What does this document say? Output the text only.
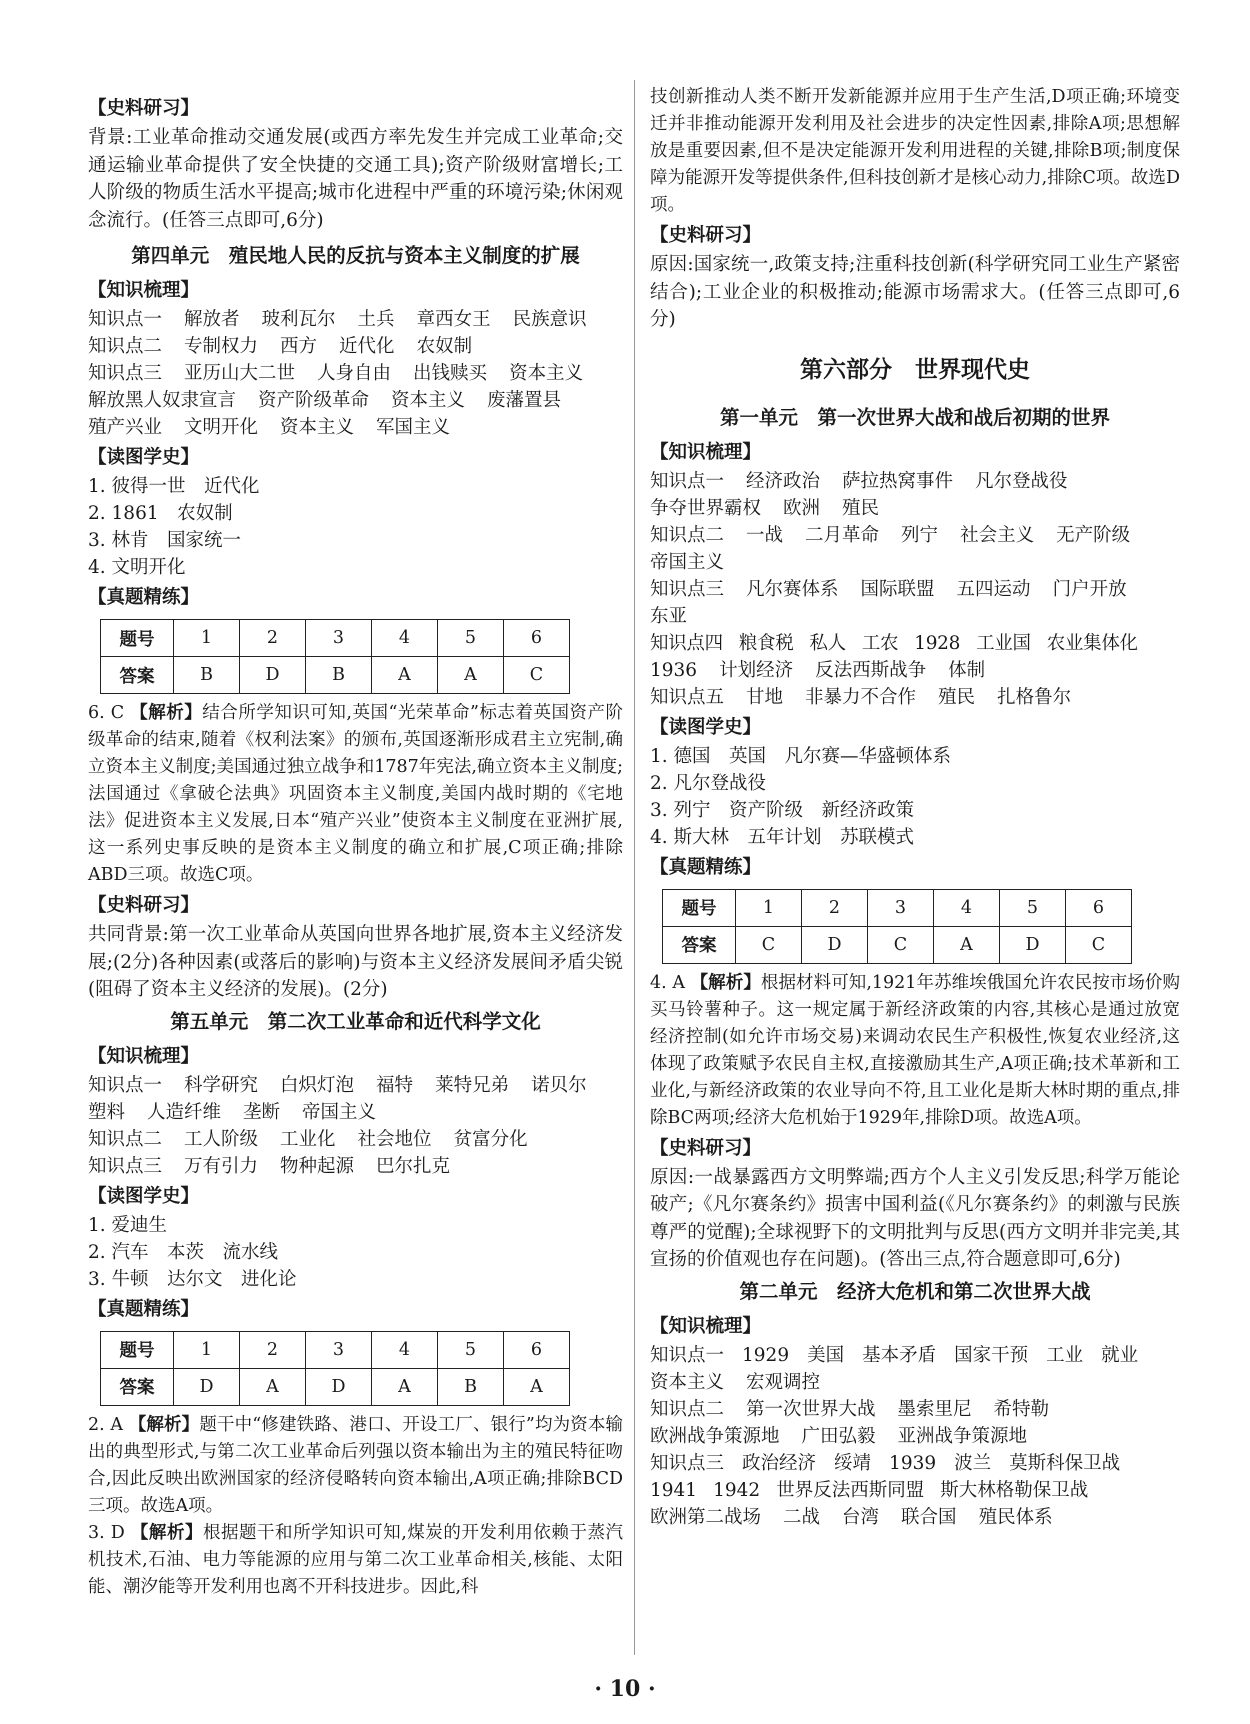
【史料研习】

背景:工业革命推动交通发展(或西方率先发生并完成工业革命;交通运输业革命提供了安全快捷的交通工具);资产阶级财富增长;工人阶级的物质生活水平提高;城市化进程中严重的环境污染;休闲观念流行。(任答三点即可,6分)

第四单元　殖民地人民的反抗与资本主义制度的扩展

【知识梳理】

知识点一 解放者 玻利瓦尔 土兵 章西女王 民族意识

知识点二 专制权力 西方 近代化 农奴制

知识点三 亚历山大二世 人身自由 出钱赎买 资本主义

解放黑人奴隶宣言 资产阶级革命 资本主义 废藩置县

殖产兴业 文明开化 资本主义 军国主义

【读图学史】

1. 彼得一世　近代化

2. 1861　农奴制

3. 林肯　国家统一

4. 文明开化

【真题精练】

题号	1	2	3	4	5	6
答案	B	D	B	A	A	C

6. C 【解析】结合所学知识可知,英国“光荣革命”标志着英国资产阶级革命的结束,随着《权利法案》的颁布,英国逐渐形成君主立宪制,确立资本主义制度;美国通过独立战争和1787年宪法,确立资本主义制度;法国通过《拿破仑法典》巩固资本主义制度,美国内战时期的《宅地法》促进资本主义发展,日本“殖产兴业”使资本主义制度在亚洲扩展,这一系列史事反映的是资本主义制度的确立和扩展,C项正确;排除ABD三项。故选C项。

【史料研习】

共同背景:第一次工业革命从英国向世界各地扩展,资本主义经济发展;(2分)各种因素(或落后的影响)与资本主义经济发展间矛盾尖锐(阻碍了资本主义经济的发展)。(2分)

第五单元　第二次工业革命和近代科学文化

【知识梳理】

知识点一 科学研究 白炽灯泡 福特 莱特兄弟 诺贝尔

塑料 人造纤维 垄断 帝国主义

知识点二 工人阶级 工业化 社会地位 贫富分化

知识点三 万有引力 物种起源 巴尔扎克

【读图学史】

1. 爱迪生

2. 汽车　本茨　流水线

3. 牛顿　达尔文　进化论

【真题精练】

题号	1	2	3	4	5	6
答案	D	A	D	A	B	A

2. A 【解析】题干中“修建铁路、港口、开设工厂、银行”均为资本输出的典型形式,与第二次工业革命后列强以资本输出为主的殖民特征吻合,因此反映出欧洲国家的经济侵略转向资本输出,A项正确;排除BCD三项。故选A项。

3. D 【解析】根据题干和所学知识可知,煤炭的开发利用依赖于蒸汽机技术,石油、电力等能源的应用与第二次工业革命相关,核能、太阳能、潮汐能等开发利用也离不开科技进步。因此,科

技创新推动人类不断开发新能源并应用于生产生活,D项正确;环境变迁并非推动能源开发利用及社会进步的决定性因素,排除A项;思想解放是重要因素,但不是决定能源开发利用进程的关键,排除B项;制度保障为能源开发等提供条件,但科技创新才是核心动力,排除C项。故选D项。

【史料研习】

原因:国家统一,政策支持;注重科技创新(科学研究同工业生产紧密结合);工业企业的积极推动;能源市场需求大。(任答三点即可,6分)

第六部分　世界现代史

第一单元　第一次世界大战和战后初期的世界

【知识梳理】

知识点一 经济政治 萨拉热窝事件 凡尔登战役

争夺世界霸权 欧洲 殖民

知识点二 一战 二月革命 列宁 社会主义 无产阶级

帝国主义

知识点三 凡尔赛体系 国际联盟 五四运动 门户开放

东亚

知识点四 粮食税 私人 工农 1928 工业国 农业集体化

1936 计划经济 反法西斯战争 体制

知识点五 甘地 非暴力不合作 殖民 扎格鲁尔

【读图学史】

1. 德国　英国　凡尔赛—华盛顿体系

2. 凡尔登战役

3. 列宁　资产阶级　新经济政策

4. 斯大林　五年计划　苏联模式

【真题精练】

题号	1	2	3	4	5	6
答案	C	D	C	A	D	C

4. A 【解析】根据材料可知,1921年苏维埃俄国允许农民按市场价购买马铃薯种子。这一规定属于新经济政策的内容,其核心是通过放宽经济控制(如允许市场交易)来调动农民生产积极性,恢复农业经济,这体现了政策赋予农民自主权,直接激励其生产,A项正确;技术革新和工业化,与新经济政策的农业导向不符,且工业化是斯大林时期的重点,排除BC两项;经济大危机始于1929年,排除D项。故选A项。

【史料研习】

原因:一战暴露西方文明弊端;西方个人主义引发反思;科学万能论破产;《凡尔赛条约》损害中国利益(《凡尔赛条约》的刺激与民族尊严的觉醒);全球视野下的文明批判与反思(西方文明并非完美,其宣扬的价值观也存在问题)。(答出三点,符合题意即可,6分)

第二单元　经济大危机和第二次世界大战

【知识梳理】

知识点一 1929 美国 基本矛盾 国家干预 工业 就业

资本主义 宏观调控

知识点二 第一次世界大战 墨索里尼 希特勒

欧洲战争策源地 广田弘毅 亚洲战争策源地

知识点三 政治经济 绥靖 1939 波兰 莫斯科保卫战

1941 1942 世界反法西斯同盟 斯大林格勒保卫战

欧洲第二战场 二战 台湾 联合国 殖民体系

· 10 ·
